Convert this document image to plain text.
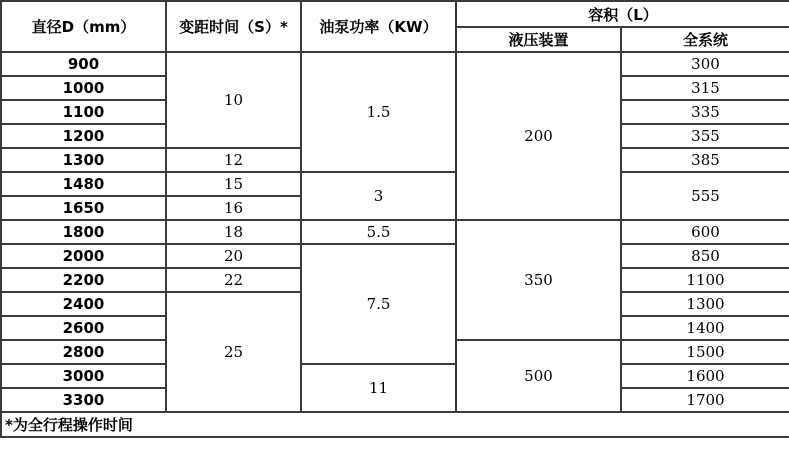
直径D（mm）	变距时间（S）*	油泵功率（KW）	容积（L）	
			液压装置	全系统
900	10	1.5	200	300
1000				315
1100				335
1200				355
1300	12			385
1480	15	3		555
1650	16			
1800	18	5.5	350	600
2000	20	7.5		850
2200	22			1100
2400	25			1300
2600				1400
2800			500	1500
3000		11		1600
3300				1700
*为全行程操作时间				
